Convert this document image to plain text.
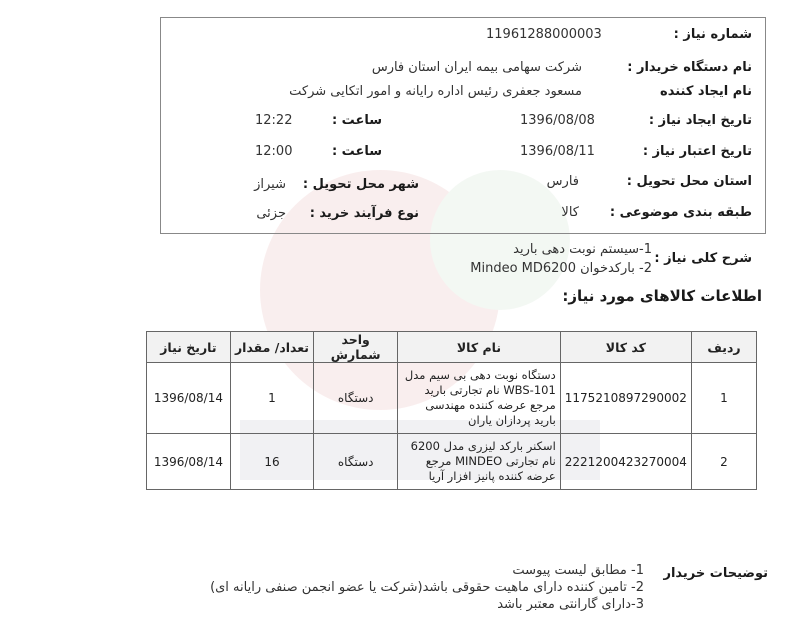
شماره نیاز :
11961288000003
نام دستگاه خریدار :
شرکت سهامی بیمه ایران استان فارس
نام ایجاد کننده
مسعود جعفری رئیس اداره رایانه و امور اتکایی شرکت
تاریخ ایجاد نیاز :
1396/08/08
ساعت :
12:22
تاریخ اعتبار نیاز :
1396/08/11
ساعت :
12:00
استان محل تحویل :
فارس
شهر محل تحویل :
شیراز
طبقه بندی موضوعی :
کالا
نوع فرآیند خرید :
جزئی
شرح کلی نیاز :
1-سیستم نوبت دهی بارید
2- بارکدخوان Mindeo MD6200
اطلاعات کالاهای مورد نیاز:
ردیف	کد کالا	نام کالا	واحد شمارش	تعداد/ مقدار	تاریخ نیاز
1	1175210897290002	دستگاه نوبت دهی بی سیم مدل WBS-101 نام تجارتی بارید مرجع عرضه کننده مهندسی بارید پردازان یاران	دستگاه	1	1396/08/14
2	2221200423270004	اسکنر بارکد لیزری مدل 6200 نام تجارتی MINDEO مرجع عرضه کننده پانیز افزار آریا	دستگاه	16	1396/08/14
توضیحات خریدار
1- مطابق لیست پیوست
2- تامین کننده دارای ماهیت حقوقی باشد(شرکت یا عضو انجمن صنفی رایانه ای)
3-دارای گارانتی معتبر باشد
